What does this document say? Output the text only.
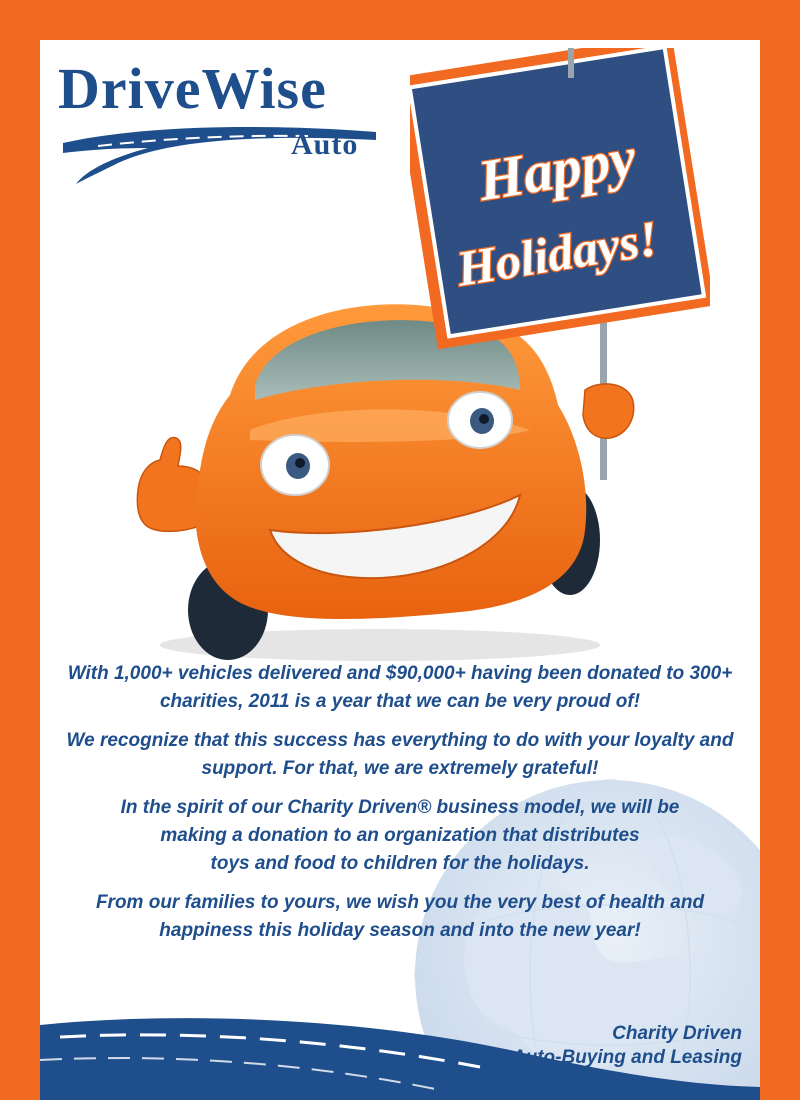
DriveWise
Auto Happy
Holidays!

With 1,000+ vehicles delivered and $90,000+ having been donated to 300+ charities, 2011 is a year that we can be very proud of!

We recognize that this success has everything to do with your loyalty and support. For that, we are extremely grateful!

In the spirit of our Charity Driven® business model, we will be
making a donation to an organization that distributes
toys and food to children for the holidays.

From our families to yours, we wish you the very best of health and happiness this holiday season and into the new year!

Charity Driven
Auto-Buying and Leasing
